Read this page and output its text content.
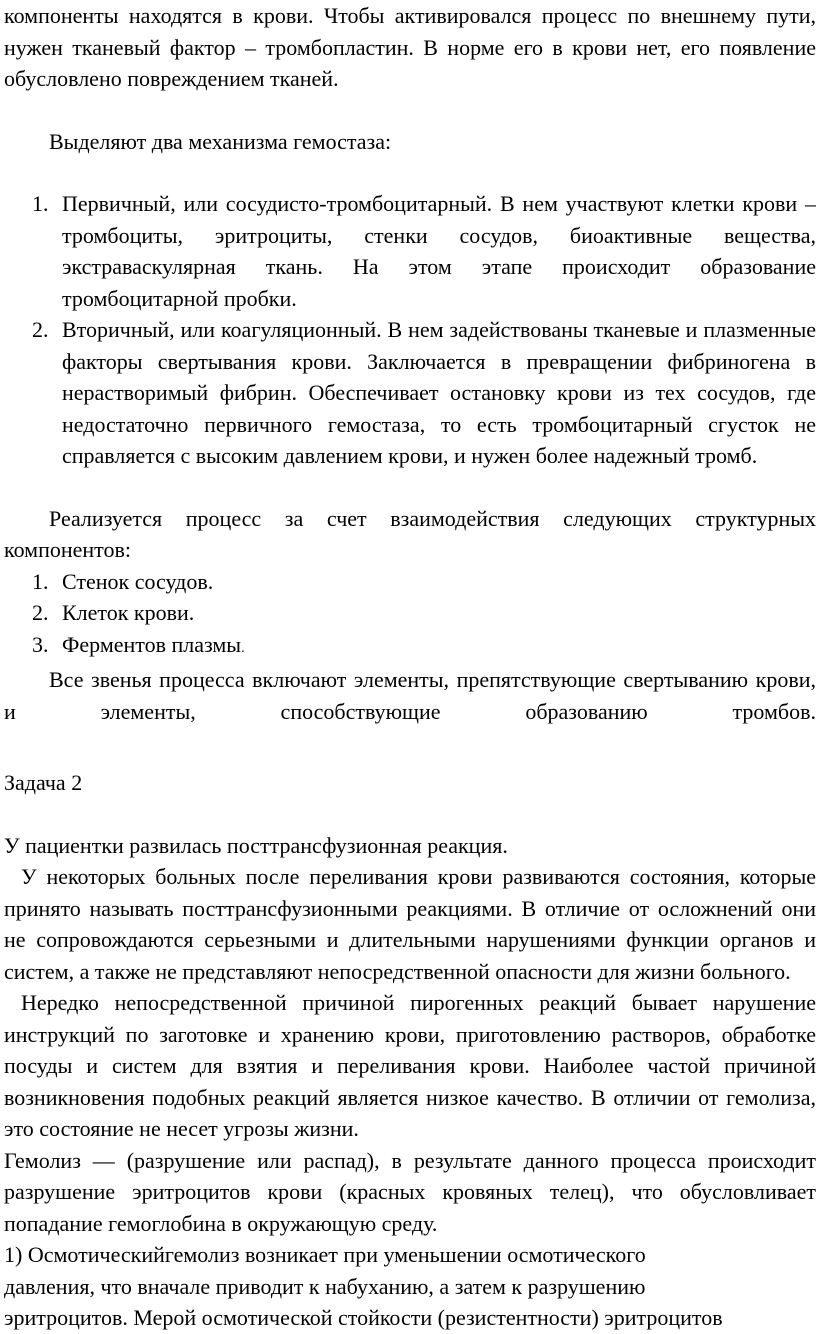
компоненты находятся в крови. Чтобы активировался процесс по внешнему пути, нужен тканевый фактор – тромбопластин. В норме его в крови нет, его появление обусловлено повреждением тканей.

Выделяют два механизма гемостаза:

1. Первичный, или сосудисто-тромбоцитарный. В нем участвуют клетки крови – тромбоциты, эритроциты, стенки сосудов, биоактивные вещества, экстраваскулярная ткань. На этом этапе происходит образование тромбоцитарной пробки.
2. Вторичный, или коагуляционный. В нем задействованы тканевые и плазменные факторы свертывания крови. Заключается в превращении фибриногена в нерастворимый фибрин. Обеспечивает остановку крови из тех сосудов, где недостаточно первичного гемостаза, то есть тромбоцитарный сгусток не справляется с высоким давлением крови, и нужен более надежный тромб.

Реализуется процесс за счет взаимодействия следующих структурных компонентов:

1. Стенок сосудов.
2. Клеток крови.
3. Ферментов плазмы.

Все звенья процесса включают элементы, препятствующие свертыванию крови, и элементы, способствующие образованию тромбов.

Задача 2

У пациентки развилась посттрансфузионная реакция.

У некоторых больных после переливания крови развиваются состояния, которые принято называть посттрансфузионными реакциями. В отличие от осложнений они не сопровождаются серьезными и длительными нарушениями функции органов и систем, а также не представляют непосредственной опасности для жизни больного.

Нередко непосредственной причиной пирогенных реакций бывает нарушение инструкций по заготовке и хранению крови, приготовлению растворов, обработке посуды и систем для взятия и переливания крови. Наиболее частой причиной возникновения подобных реакций является низкое качество. В отличии от гемолиза, это состояние не несет угрозы жизни.

Гемолиз — (разрушение или распад), в результате данного процесса происходит разрушение эритроцитов крови (красных кровяных телец), что обусловливает попадание гемоглобина в окружающую среду.

1) Осмотическийгемолиз возникает при уменьшении осмотического
давления, что вначале приводит к набуханию, а затем к разрушению
эритроцитов. Мерой осмотической стойкости (резистентности) эритроцитов
